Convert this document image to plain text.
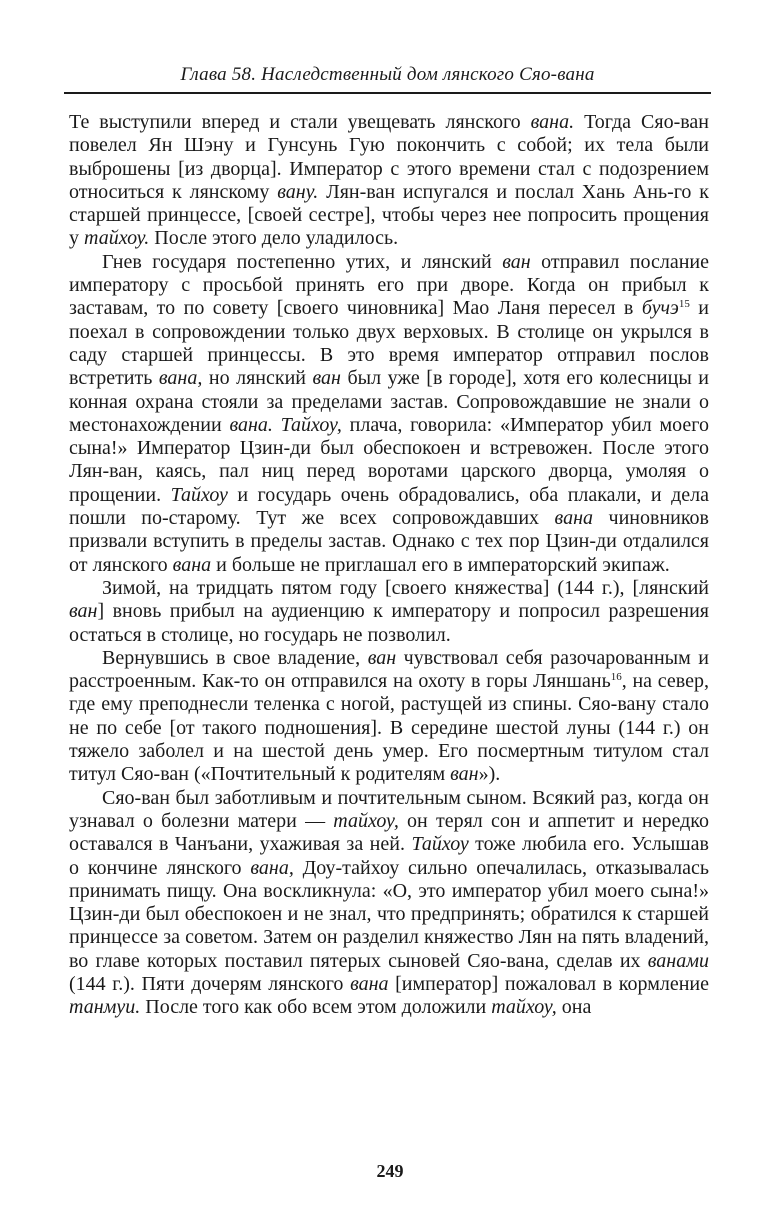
Глава 58. Наследственный дом лянского Сяо-вана

Те выступили вперед и стали увещевать лянского вана. Тогда Сяо-ван повелел Ян Шэну и Гунсунь Гую покончить с собой; их тела были выброшены [из дворца]. Император с этого времени стал с подозрением относиться к лянскому вану. Лян-ван испугался и послал Хань Ань-го к старшей принцессе, [своей сестре], чтобы через нее попросить прощения у тайхоу. После этого дело уладилось.

Гнев государя постепенно утих, и лянский ван отправил послание императору с просьбой принять его при дворе. Когда он прибыл к заставам, то по совету [своего чиновника] Мао Ланя пересел в бучэ$^{15}$ и поехал в сопровождении только двух верховых. В столице он укрылся в саду старшей принцессы. В это время император отправил послов встретить вана, но лянский ван был уже [в городе], хотя его колесницы и конная охрана стояли за пределами застав. Сопровождавшие не знали о местонахождении вана. Тайхоу, плача, говорила: «Император убил моего сына!» Император Цзин-ди был обеспокоен и встревожен. После этого Лян-ван, каясь, пал ниц перед воротами царского дворца, умоляя о прощении. Тайхоу и государь очень обрадовались, оба плакали, и дела пошли по-старому. Тут же всех сопровождавших вана чиновников призвали вступить в пределы застав. Однако с тех пор Цзин-ди отдалился от лянского вана и больше не приглашал его в императорский экипаж.

Зимой, на тридцать пятом году [своего княжества] (144 г.), [лянский ван] вновь прибыл на аудиенцию к императору и попросил разрешения остаться в столице, но государь не позволил.

Вернувшись в свое владение, ван чувствовал себя разочарованным и расстроенным. Как-то он отправился на охоту в горы Ляншань$^{16}$, на север, где ему преподнесли теленка с ногой, растущей из спины. Сяо-вану стало не по себе [от такого подношения]. В середине шестой луны (144 г.) он тяжело заболел и на шестой день умер. Его посмертным титулом стал титул Сяо-ван («Почтительный к родителям ван»).

Сяо-ван был заботливым и почтительным сыном. Всякий раз, когда он узнавал о болезни матери — тайхоу, он терял сон и аппетит и нередко оставался в Чанъани, ухаживая за ней. Тайхоу тоже любила его. Услышав о кончине лянского вана, Доу-тайхоу сильно опечалилась, отказывалась принимать пищу. Она воскликнула: «О, это император убил моего сына!» Цзин-ди был обеспокоен и не знал, что предпринять; обратился к старшей принцессе за советом. Затем он разделил княжество Лян на пять владений, во главе которых поставил пятерых сыновей Сяо-вана, сделав их ванами (144 г.). Пяти дочерям лянского вана [император] пожаловал в кормление танмуи. После того как обо всем этом доложили тайхоу, она

249
